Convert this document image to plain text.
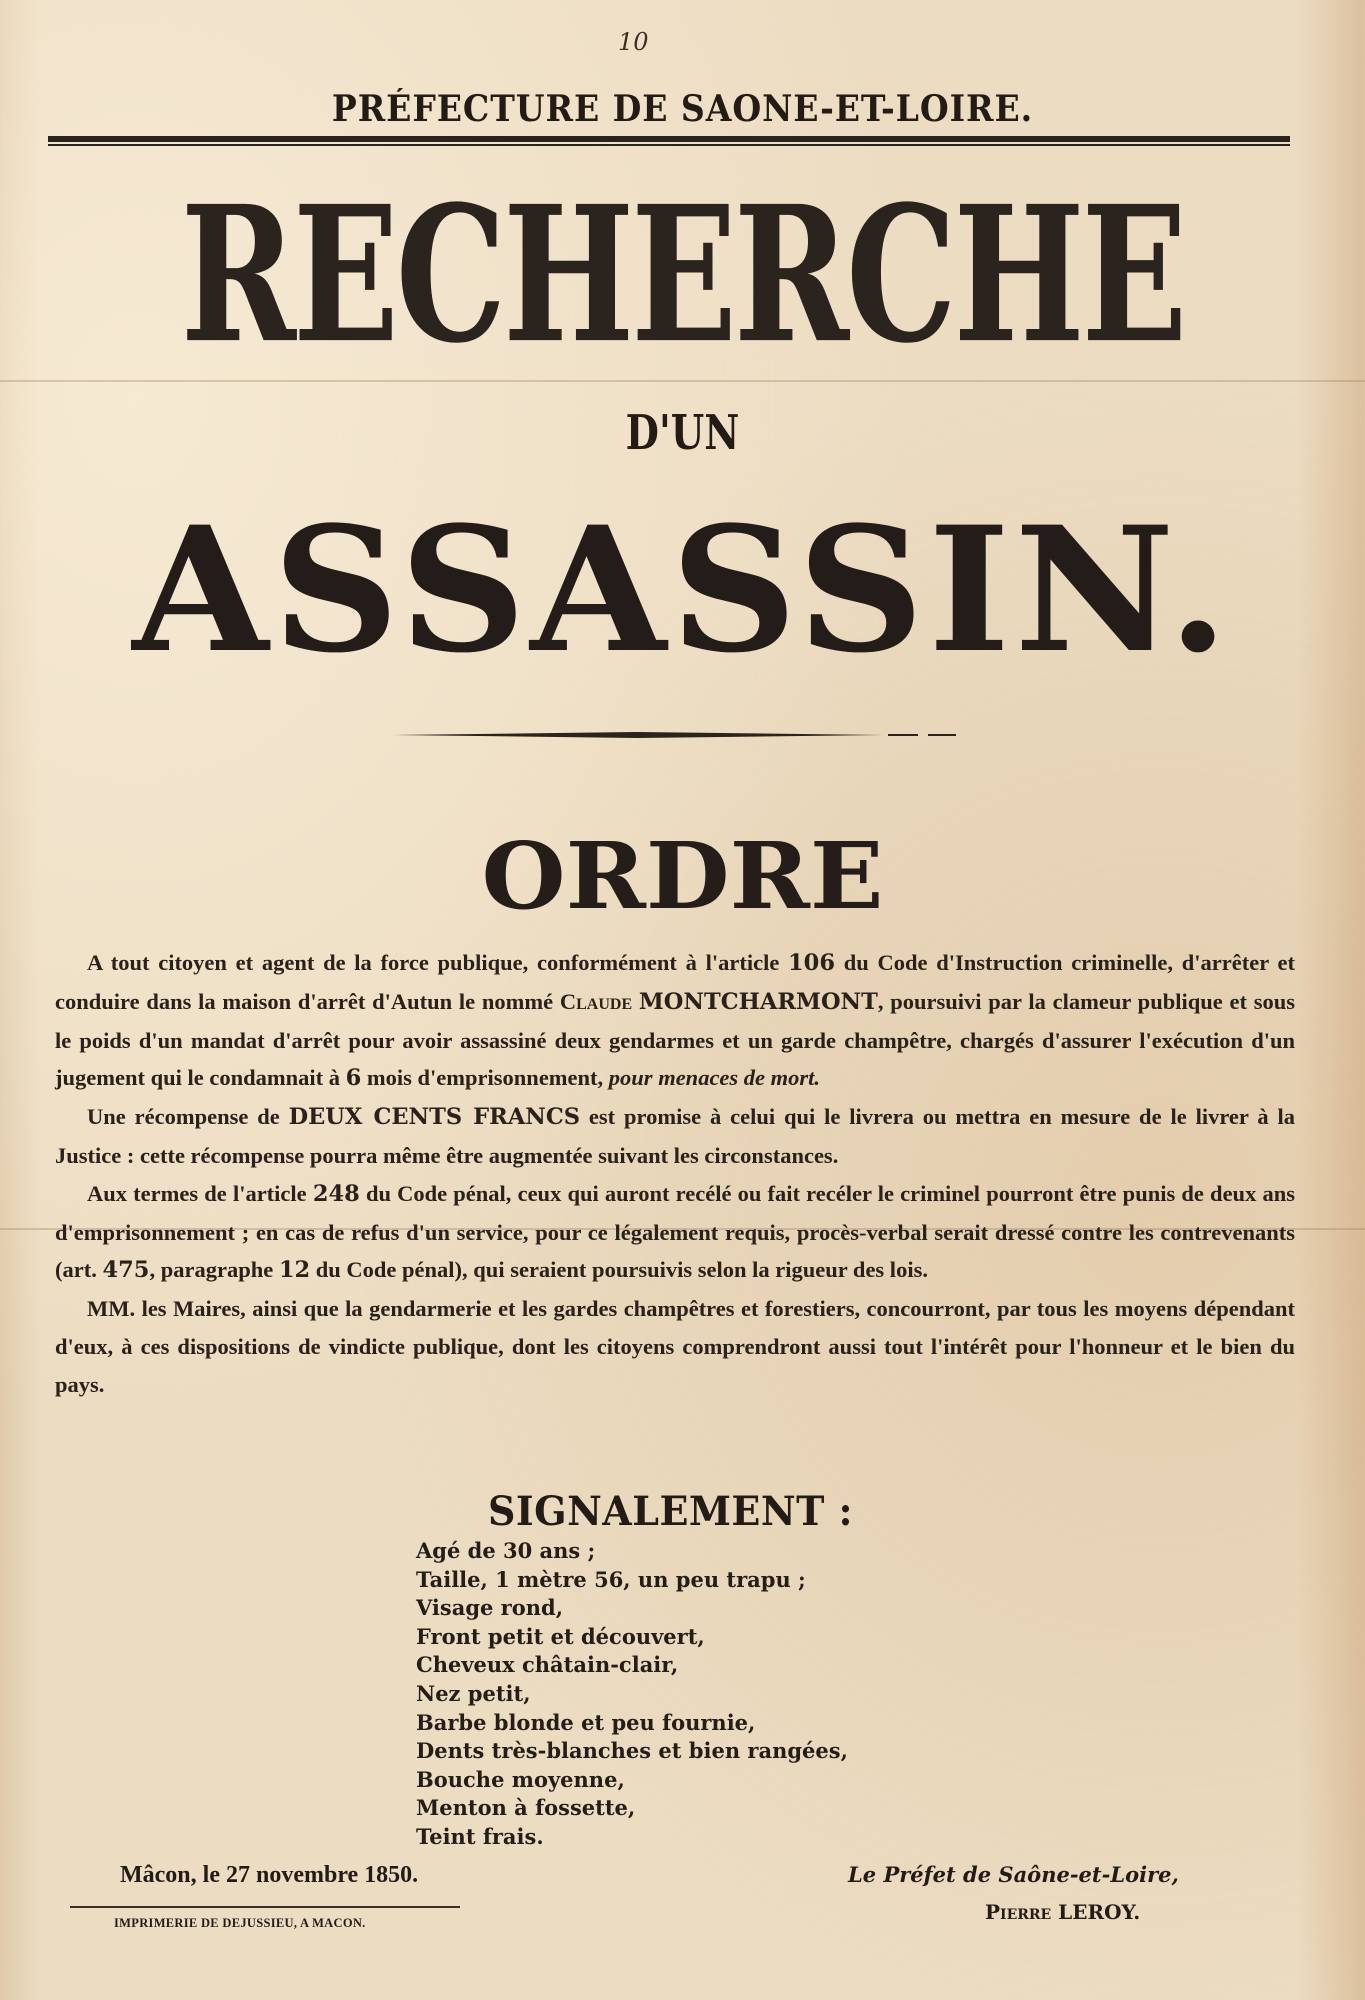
10
PRÉFECTURE DE SAONE-ET-LOIRE.
RECHERCHE
D'UN
ASSASSIN.
ORDRE

A tout citoyen et agent de la force publique, conformément à l'article 106 du Code d'Instruction criminelle, d'arrêter et conduire dans la maison d'arrêt d'Autun le nommé Claude MONTCHARMONT, poursuivi par la clameur publique et sous le poids d'un mandat d'arrêt pour avoir assassiné deux gendarmes et un garde champêtre, chargés d'assurer l'exécution d'un jugement qui le condamnait à 6 mois d'emprisonnement, pour menaces de mort.

Une récompense de DEUX CENTS FRANCS est promise à celui qui le livrera ou mettra en mesure de le livrer à la Justice : cette récompense pourra même être augmentée suivant les circonstances.

Aux termes de l'article 248 du Code pénal, ceux qui auront recélé ou fait recéler le criminel pourront être punis de deux ans d'emprisonnement ; en cas de refus d'un service, pour ce légalement requis, procès-verbal serait dressé contre les contrevenants (art. 475, paragraphe 12 du Code pénal), qui seraient poursuivis selon la rigueur des lois.

MM. les Maires, ainsi que la gendarmerie et les gardes champêtres et forestiers, concourront, par tous les moyens dépendant d'eux, à ces dispositions de vindicte publique, dont les citoyens comprendront aussi tout l'intérêt pour l'honneur et le bien du pays.

SIGNALEMENT :
Agé de 30 ans ;
Taille, 1 mètre 56, un peu trapu ;
Visage rond,
Front petit et découvert,
Cheveux châtain-clair,
Nez petit,
Barbe blonde et peu fournie,
Dents très-blanches et bien rangées,
Bouche moyenne,
Menton à fossette,
Teint frais.
Mâcon, le 27 novembre 1850.
IMPRIMERIE DE DEJUSSIEU, A MACON.
Le Préfet de Saône-et-Loire,
Pierre LEROY.
